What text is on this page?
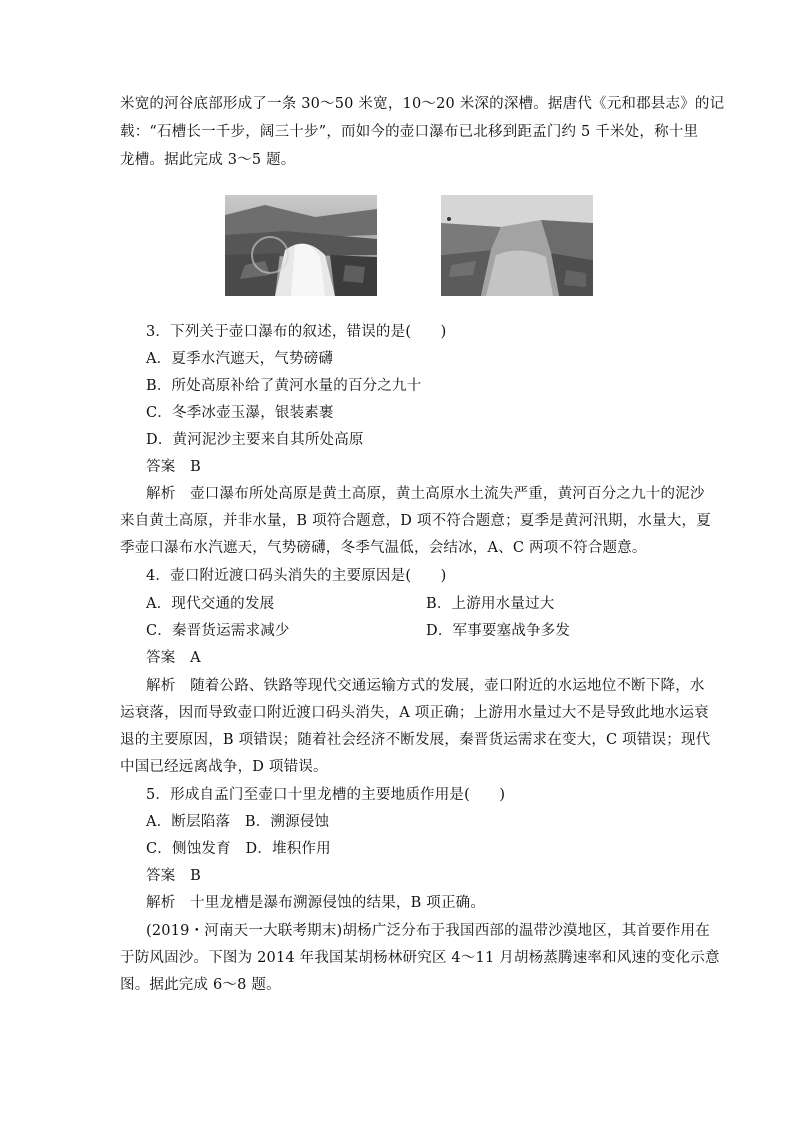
米宽的河谷底部形成了一条 30～50 米宽，10～20 米深的深槽。据唐代《元和郡县志》的记
载：“石槽长一千步，阔三十步”，而如今的壶口瀑布已北移到距孟门约 5 千米处，称十里
龙槽。据此完成 3～5 题。
3．下列关于壶口瀑布的叙述，错误的是(　　)
A．夏季水汽遮天，气势磅礴
B．所处高原补给了黄河水量的百分之九十
C．冬季冰壶玉瀑，银装素裹
D．黄河泥沙主要来自其所处高原
答案　B
解析　壶口瀑布所处高原是黄土高原，黄土高原水土流失严重，黄河百分之九十的泥沙
来自黄土高原，并非水量，B 项符合题意，D 项不符合题意；夏季是黄河汛期，水量大，夏
季壶口瀑布水汽遮天，气势磅礴，冬季气温低，会结冰，A、C 两项不符合题意。
4．壶口附近渡口码头消失的主要原因是(　　)
A．现代交通的发展	B．上游用水量过大
C．秦晋货运需求减少	D．军事要塞战争多发
答案　A
解析　随着公路、铁路等现代交通运输方式的发展，壶口附近的水运地位不断下降，水
运衰落，因而导致壶口附近渡口码头消失，A 项正确；上游用水量过大不是导致此地水运衰
退的主要原因，B 项错误；随着社会经济不断发展，秦晋货运需求在变大，C 项错误；现代
中国已经远离战争，D 项错误。
5．形成自孟门至壶口十里龙槽的主要地质作用是(　　)
A．断层陷落　B．溯源侵蚀
C．侧蚀发育　D．堆积作用
答案　B
解析　十里龙槽是瀑布溯源侵蚀的结果，B 项正确。
(2019・河南天一大联考期末)胡杨广泛分布于我国西部的温带沙漠地区，其首要作用在
于防风固沙。下图为 2014 年我国某胡杨林研究区 4～11 月胡杨蒸腾速率和风速的变化示意
图。据此完成 6～8 题。
